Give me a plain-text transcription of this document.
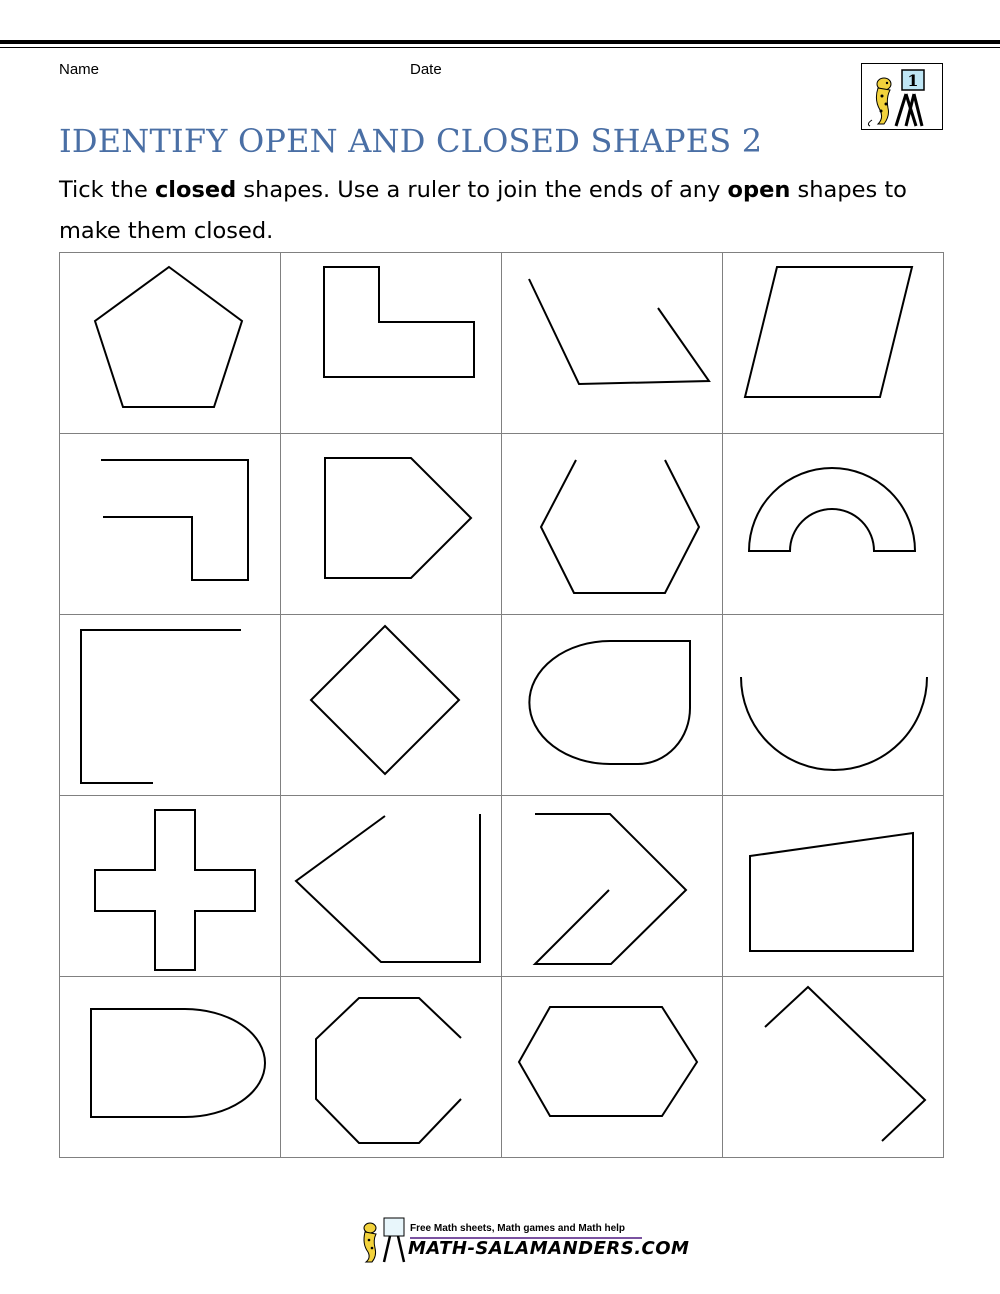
Name	Date
1
IDENTIFY OPEN AND CLOSED SHAPES 2

Tick the closed shapes. Use a ruler to join the ends of any open shapes to make them closed.

Free Math sheets, Math games and Math help
MATH-SALAMANDERS.COM
